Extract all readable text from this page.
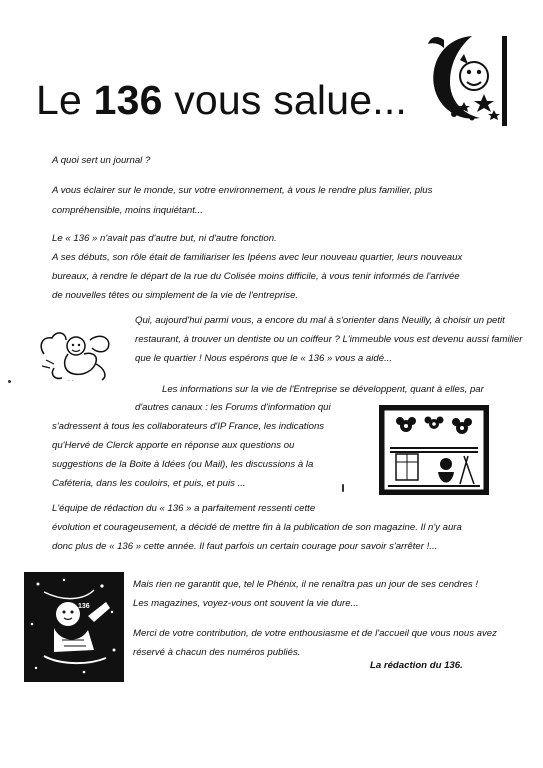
Le 136 vous salue...

A quoi sert un journal ?

A vous éclairer sur le monde, sur votre environnement, à vous le rendre plus familier, plus

compréhensible, moins inquiétant...

Le « 136 » n'avait pas d'autre but, ni d'autre fonction.

A ses débuts, son rôle était de familiariser les Ipéens avec leur nouveau quartier, leurs nouveaux

bureaux, à rendre le départ de la rue du Colisée moins difficile, à vous tenir informés de l'arrivée

de nouvelles têtes ou simplement de la vie de l'entreprise.

· ·

Qui, aujourd'hui parmi vous, a encore du mal à s'orienter dans Neuilly, à choisir un petit

restaurant, à trouver un dentiste ou un coiffeur ? L'immeuble vous est devenu aussi familier

que le quartier ! Nous espérons que le « 136 » vous a aidé...

Les informations sur la vie de l'Entreprise se développent, quant à elles, par

d'autres canaux : les Forums d'information qui

s'adressent à tous les collaborateurs d'IP France, les indications

qu'Hervé de Clerck apporte en réponse aux questions ou

suggestions de la Boite à Idées (ou Mail), les discussions à la

Caféteria, dans les couloirs, et puis, et puis ...

L'équipe de rédaction du « 136 » a parfaitement ressenti cette

évolution et courageusement, a décidé de mettre fin à la publication de son magazine. Il n'y aura

donc plus de « 136 » cette année. Il faut parfois un certain courage pour savoir s'arrêter !...

136

Mais rien ne garantit que, tel le Phénix, il ne renaîtra pas un jour de ses cendres !

Les magazines, voyez-vous ont souvent la vie dure...

Merci de votre contribution, de votre enthousiasme et de l'accueil que vous nous avez

réservé à chacun des numéros publiés.

La rédaction du 136.
